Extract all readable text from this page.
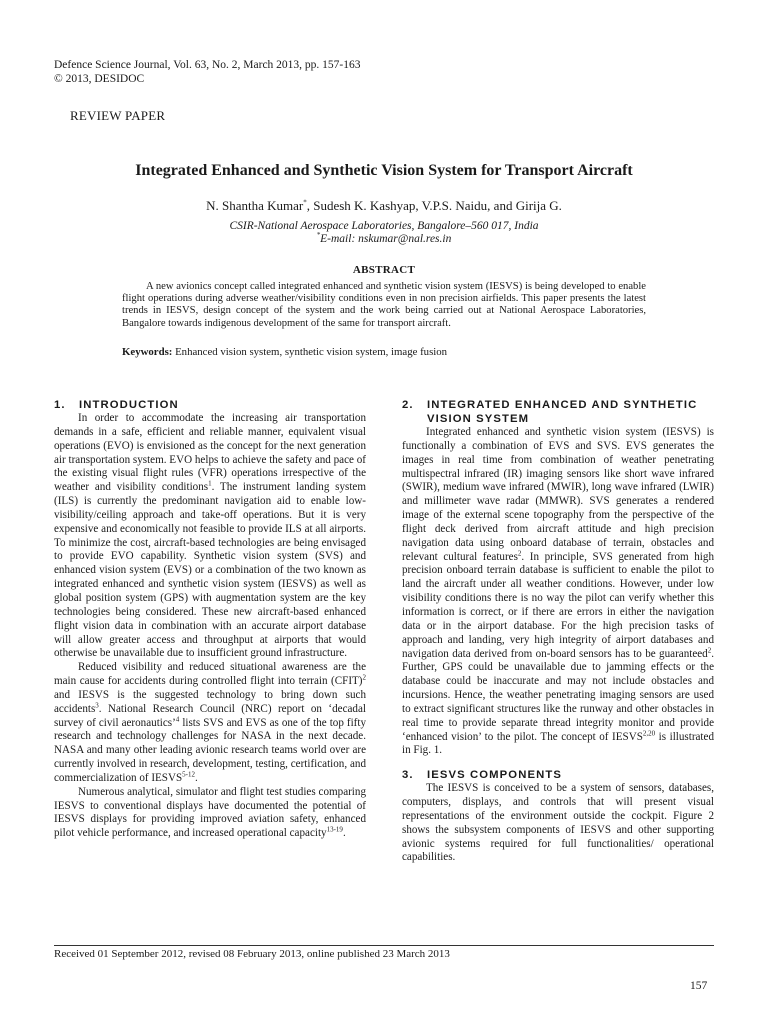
Defence Science Journal, Vol. 63, No. 2, March 2013, pp. 157-163
© 2013, DESIDOC
REVIEW PAPER
Integrated Enhanced and Synthetic Vision System for Transport Aircraft
N. Shantha Kumar*, Sudesh K. Kashyap, V.P.S. Naidu, and Girija G.
CSIR-National Aerospace Laboratories, Bangalore–560 017, India
*E-mail: nskumar@nal.res.in
ABSTRACT
A new avionics concept called integrated enhanced and synthetic vision system (IESVS) is being developed to enable flight operations during adverse weather/visibility conditions even in non precision airfields. This paper presents the latest trends in IESVS, design concept of the system and the work being carried out at National Aerospace Laboratories, Bangalore towards indigenous development of the same for transport aircraft.
Keywords: Enhanced vision system, synthetic vision system, image fusion
1. INTRODUCTION

In order to accommodate the increasing air transportation demands in a safe, efficient and reliable manner, equivalent visual operations (EVO) is envisioned as the concept for the next generation air transportation system. EVO helps to achieve the safety and pace of the existing visual flight rules (VFR) operations irrespective of the weather and visibility conditions$^1$. The instrument landing system (ILS) is currently the predominant navigation aid to enable low-visibility/ceiling approach and take-off operations. But it is very expensive and economically not feasible to provide ILS at all airports. To minimize the cost, aircraft-based technologies are being envisaged to provide EVO capability. Synthetic vision system (SVS) and enhanced vision system (EVS) or a combination of the two known as integrated enhanced and synthetic vision system (IESVS) as well as global position system (GPS) with augmentation system are the key technologies being considered. These new aircraft-based enhanced flight vision data in combination with an accurate airport database will allow greater access and throughput at airports that would otherwise be unavailable due to insufficient ground infrastructure.

Reduced visibility and reduced situational awareness are the main cause for accidents during controlled flight into terrain (CFIT)$^2$ and IESVS is the suggested technology to bring down such accidents$^3$. National Research Council (NRC) report on ‘decadal survey of civil aeronautics’$^4$ lists SVS and EVS as one of the top fifty research and technology challenges for NASA in the next decade. NASA and many other leading avionic research teams world over are currently involved in research, development, testing, certification, and commercialization of IESVS$^{5-12}$.

Numerous analytical, simulator and flight test studies comparing IESVS to conventional displays have documented the potential of IESVS displays for providing improved aviation safety, enhanced pilot vehicle performance, and increased operational capacity$^{13-19}$.

2. INTEGRATED ENHANCED AND SYNTHETIC
VISION SYSTEM

Integrated enhanced and synthetic vision system (IESVS) is functionally a combination of EVS and SVS. EVS generates the images in real time from combination of weather penetrating multispectral infrared (IR) imaging sensors like short wave infrared (SWIR), medium wave infrared (MWIR), long wave infrared (LWIR) and millimeter wave radar (MMWR). SVS generates a rendered image of the external scene topography from the perspective of the flight deck derived from aircraft attitude and high precision navigation data using onboard database of terrain, obstacles and relevant cultural features$^2$. In principle, SVS generated from high precision onboard terrain database is sufficient to enable the pilot to land the aircraft under all weather conditions. However, under low visibility conditions there is no way the pilot can verify whether this information is correct, or if there are errors in either the navigation data or in the airport database. For the high precision tasks of approach and landing, very high integrity of airport databases and navigation data derived from on-board sensors has to be guaranteed$^2$. Further, GPS could be unavailable due to jamming effects or the database could be inaccurate and may not include obstacles and incursions. Hence, the weather penetrating imaging sensors are used to extract significant structures like the runway and other obstacles in real time to provide separate thread integrity monitor and provide ‘enhanced vision’ to the pilot. The concept of IESVS$^{2,20}$ is illustrated in Fig. 1.

3. IESVS COMPONENTS

The IESVS is conceived to be a system of sensors, databases, computers, displays, and controls that will present visual representations of the environment outside the cockpit. Figure 2 shows the subsystem components of IESVS and other supporting avionic systems required for full functionalities/ operational capabilities.

Received 01 September 2012, revised 08 February 2013, online published 23 March 2013
157
